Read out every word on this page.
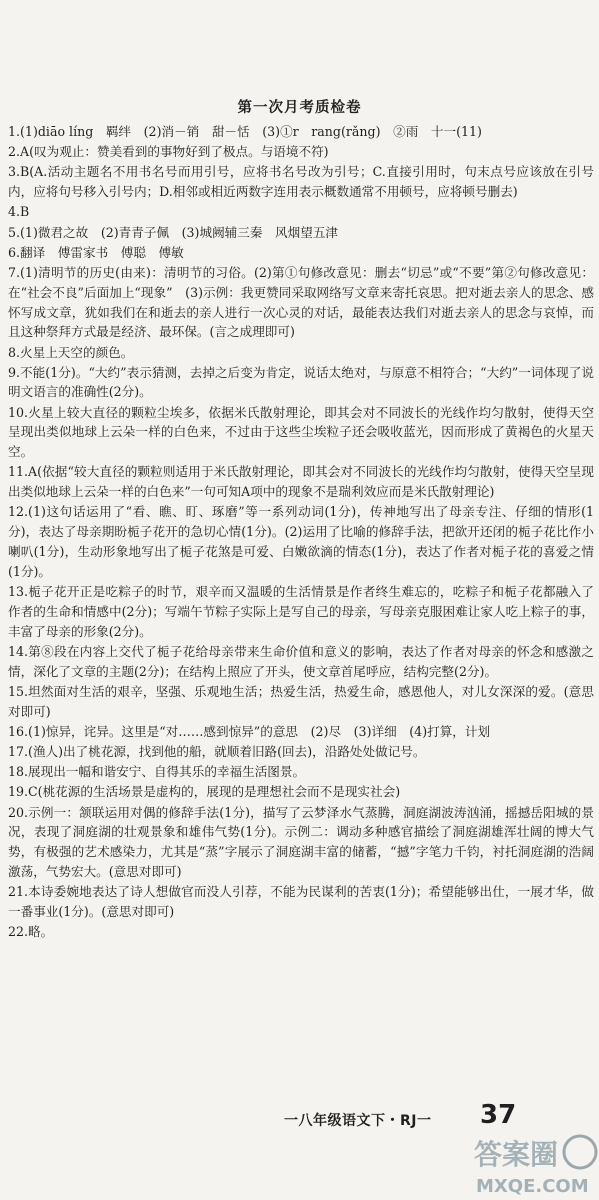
第一次月考质检卷

1.(1)diāo líng　羁绊　(2)消－销　甜－恬　(3)①r　rang(rǎng)　②雨　十一(11)

2.A(叹为观止：赞美看到的事物好到了极点。与语境不符)

3.B(A.活动主题名不用书名号而用引号，应将书名号改为引号；C.直接引用时，句末点号应该放在引号内，应将句号移入引号内；D.相邻或相近两数字连用表示概数通常不用顿号，应将顿号删去)

4.B

5.(1)微君之故　(2)青青子佩　(3)城阙辅三秦　风烟望五津

6.翻译　傅雷家书　傅聪　傅敏

7.(1)清明节的历史(由来)：清明节的习俗。(2)第①句修改意见：删去“切忌”或“不要”第②句修改意见：在“社会不良”后面加上“现象”　(3)示例：我更赞同采取网络写文章来寄托哀思。把对逝去亲人的思念、感怀写成文章，犹如我们在和逝去的亲人进行一次心灵的对话，最能表达我们对逝去亲人的思念与哀悼，而且这种祭拜方式最是经济、最环保。(言之成理即可)

8.火星上天空的颜色。

9.不能(1分)。“大约”表示猜测，去掉之后变为肯定，说话太绝对，与原意不相符合；“大约”一词体现了说明文语言的准确性(2分)。

10.火星上较大直径的颗粒尘埃多，依据米氏散射理论，即其会对不同波长的光线作均匀散射，使得天空呈现出类似地球上云朵一样的白色来，不过由于这些尘埃粒子还会吸收蓝光，因而形成了黄褐色的火星天空。

11.A(依据“较大直径的颗粒则适用于米氏散射理论，即其会对不同波长的光线作均匀散射，使得天空呈现出类似地球上云朵一样的白色来”一句可知A项中的现象不是瑞利效应而是米氏散射理论)

12.(1)这句话运用了“看、瞧、盯、琢磨”等一系列动词(1分)，传神地写出了母亲专注、仔细的情形(1分)，表达了母亲期盼栀子花开的急切心情(1分)。(2)运用了比喻的修辞手法，把欲开还闭的栀子花比作小喇叭(1分)，生动形象地写出了栀子花煞是可爱、白嫩欲滴的情态(1分)，表达了作者对栀子花的喜爱之情(1分)。

13.栀子花开正是吃粽子的时节，艰辛而又温暖的生活情景是作者终生难忘的，吃粽子和栀子花都融入了作者的生命和情感中(2分)；写端午节粽子实际上是写自己的母亲，写母亲克服困难让家人吃上粽子的事，丰富了母亲的形象(2分)。

14.第⑧段在内容上交代了栀子花给母亲带来生命价值和意义的影响，表达了作者对母亲的怀念和感激之情，深化了文章的主题(2分)；在结构上照应了开头，使文章首尾呼应，结构完整(2分)。

15.坦然面对生活的艰辛，坚强、乐观地生活；热爱生活，热爱生命，感恩他人，对儿女深深的爱。(意思对即可)

16.(1)惊异，诧异。这里是“对……感到惊异”的意思　(2)尽　(3)详细　(4)打算，计划

17.(渔人)出了桃花源，找到他的船，就顺着旧路(回去)，沿路处处做记号。

18.展现出一幅和谐安宁、自得其乐的幸福生活图景。

19.C(桃花源的生活场景是虚构的，展现的是理想社会而不是现实社会)

20.示例一：颔联运用对偶的修辞手法(1分)，描写了云梦泽水气蒸腾，洞庭湖波涛汹涌，摇撼岳阳城的景况，表现了洞庭湖的壮观景象和雄伟气势(1分)。示例二：调动多种感官描绘了洞庭湖雄浑壮阔的博大气势，有极强的艺术感染力，尤其是“蒸”字展示了洞庭湖丰富的储蓄，“撼”字笔力千钧，衬托洞庭湖的浩阔激荡，气势宏大。(意思对即可)

21.本诗委婉地表达了诗人想做官而没人引荐，不能为民谋利的苦衷(1分)；希望能够出仕，一展才华，做一番事业(1分)。(意思对即可)

22.略。

一八年级语文下・RJ一 37
答案圈
MXQE.COM
